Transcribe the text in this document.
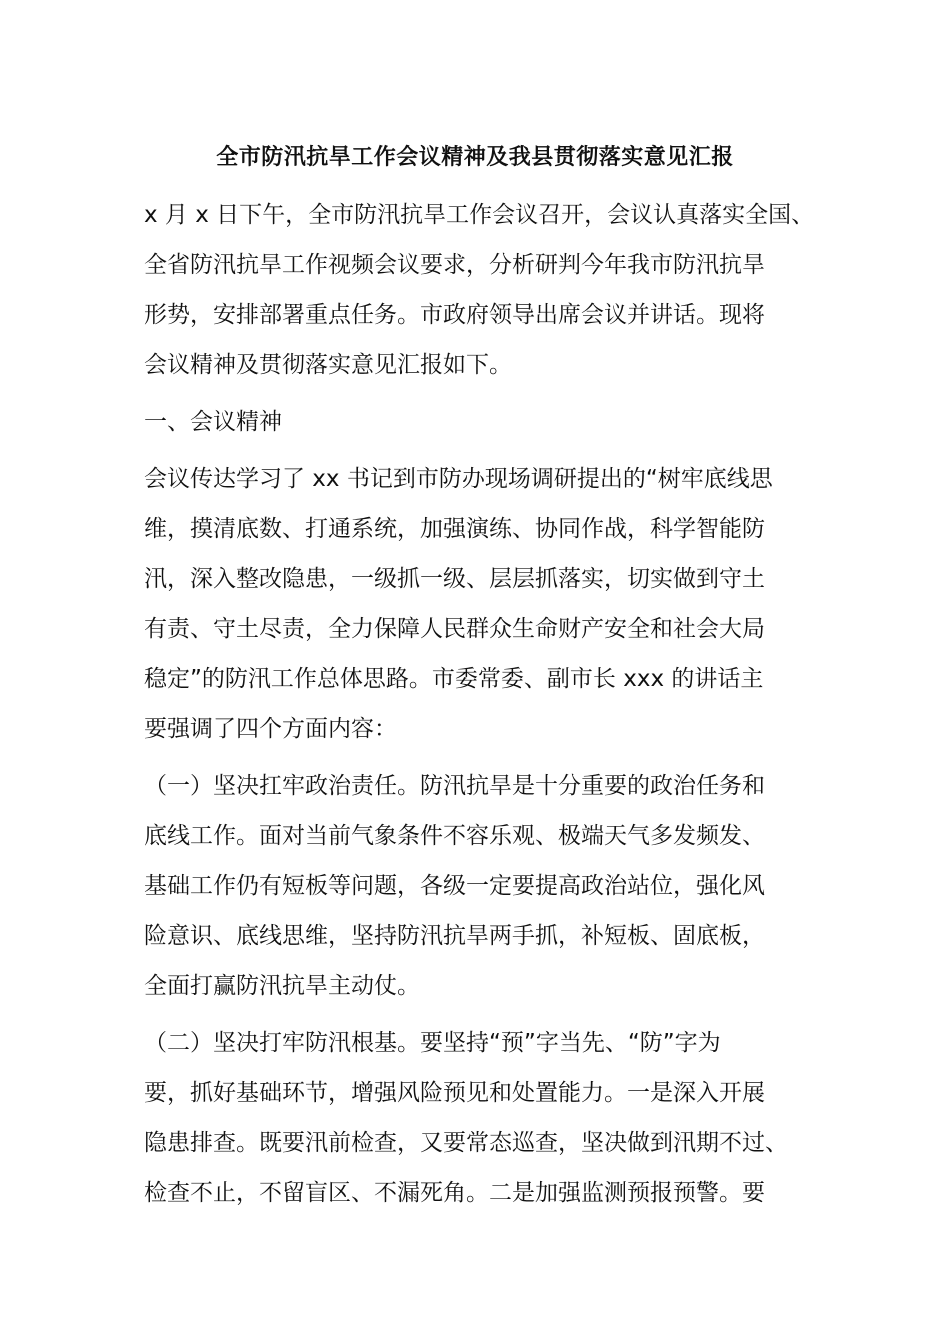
全市防汛抗旱工作会议精神及我县贯彻落实意见汇报
x 月 x 日下午，全市防汛抗旱工作会议召开，会议认真落实全国、
全省防汛抗旱工作视频会议要求，分析研判今年我市防汛抗旱
形势，安排部署重点任务。市政府领导出席会议并讲话。现将
会议精神及贯彻落实意见汇报如下。
一、会议精神
会议传达学习了 xx 书记到市防办现场调研提出的“树牢底线思
维，摸清底数、打通系统，加强演练、协同作战，科学智能防
汛，深入整改隐患，一级抓一级、层层抓落实，切实做到守土
有责、守土尽责，全力保障人民群众生命财产安全和社会大局
稳定”的防汛工作总体思路。市委常委、副市长 xxx 的讲话主
要强调了四个方面内容：
（一）坚决扛牢政治责任。防汛抗旱是十分重要的政治任务和
底线工作。面对当前气象条件不容乐观、极端天气多发频发、
基础工作仍有短板等问题，各级一定要提高政治站位，强化风
险意识、底线思维，坚持防汛抗旱两手抓，补短板、固底板，
全面打赢防汛抗旱主动仗。
（二）坚决打牢防汛根基。要坚持“预”字当先、“防”字为
要，抓好基础环节，增强风险预见和处置能力。一是深入开展
隐患排查。既要汛前检查，又要常态巡查，坚决做到汛期不过、
检查不止，不留盲区、不漏死角。二是加强监测预报预警。要
